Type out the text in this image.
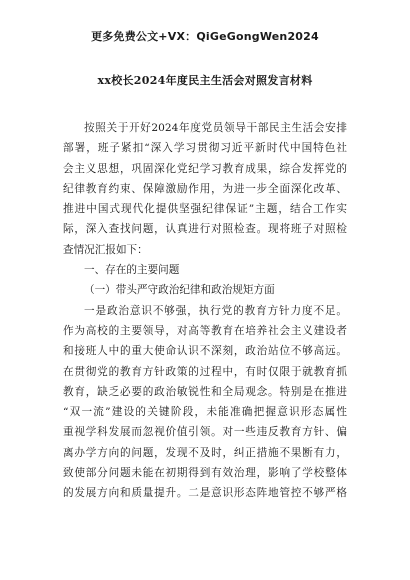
更多免费公文+VX：QiGeGongWen2024
xx校长2024年度民主生活会对照发言材料
按照关于开好2024年度党员领导干部民主生活会安排
部署，班子紧扣“深入学习贯彻习近平新时代中国特色社
会主义思想，巩固深化党纪学习教育成果，综合发挥党的
纪律教育约束、保障激励作用，为进一步全面深化改革、
推进中国式现代化提供坚强纪律保证”主题，结合工作实
际，深入查找问题，认真进行对照检查。现将班子对照检
查情况汇报如下：
一、存在的主要问题
（一）带头严守政治纪律和政治规矩方面
一是政治意识不够强，执行党的教育方针力度不足。
作为高校的主要领导，对高等教育在培养社会主义建设者
和接班人中的重大使命认识不深刻，政治站位不够高远。
在贯彻党的教育方针政策的过程中，有时仅限于就教育抓
教育，缺乏必要的政治敏锐性和全局观念。特别是在推进
“双一流”建设的关键阶段，未能准确把握意识形态属性
重视学科发展而忽视价值引领。对一些违反教育方针、偏
离办学方向的问题，发现不及时，纠正措施不果断有力，
致使部分问题未能在初期得到有效治理，影响了学校整体
的发展方向和质量提升。二是意识形态阵地管控不够严格
